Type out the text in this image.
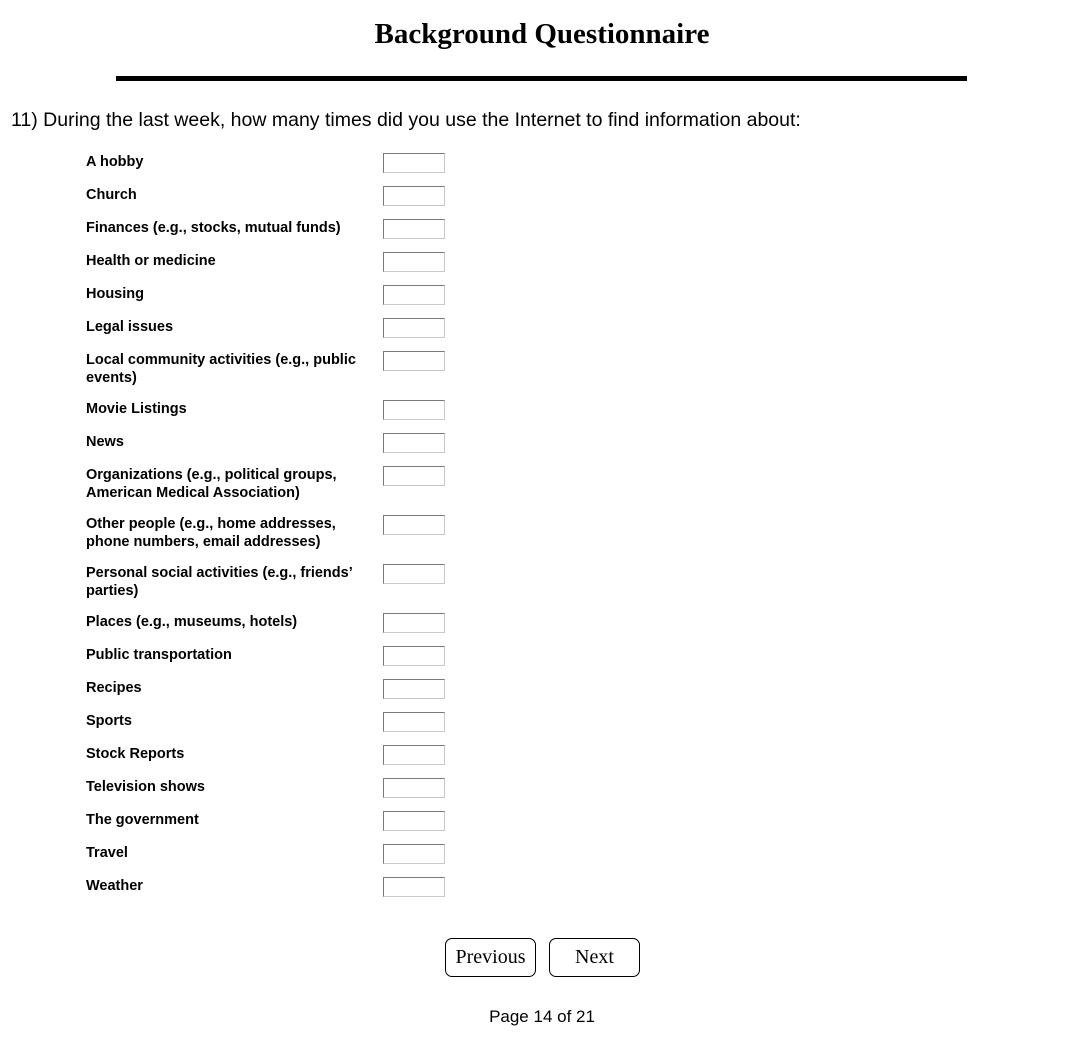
Background Questionnaire
11) During the last week, how many times did you use the Internet to find information about:
A hobby
Church
Finances (e.g., stocks, mutual funds)
Health or medicine
Housing
Legal issues
Local community activities (e.g., public events)
Movie Listings
News
Organizations (e.g., political groups, American Medical Association)
Other people (e.g., home addresses, phone numbers, email addresses)
Personal social activities (e.g., friends’ parties)
Places (e.g., museums, hotels)
Public transportation
Recipes
Sports
Stock Reports
Television shows
The government
Travel
Weather
Previous	Next
Page 14 of 21
